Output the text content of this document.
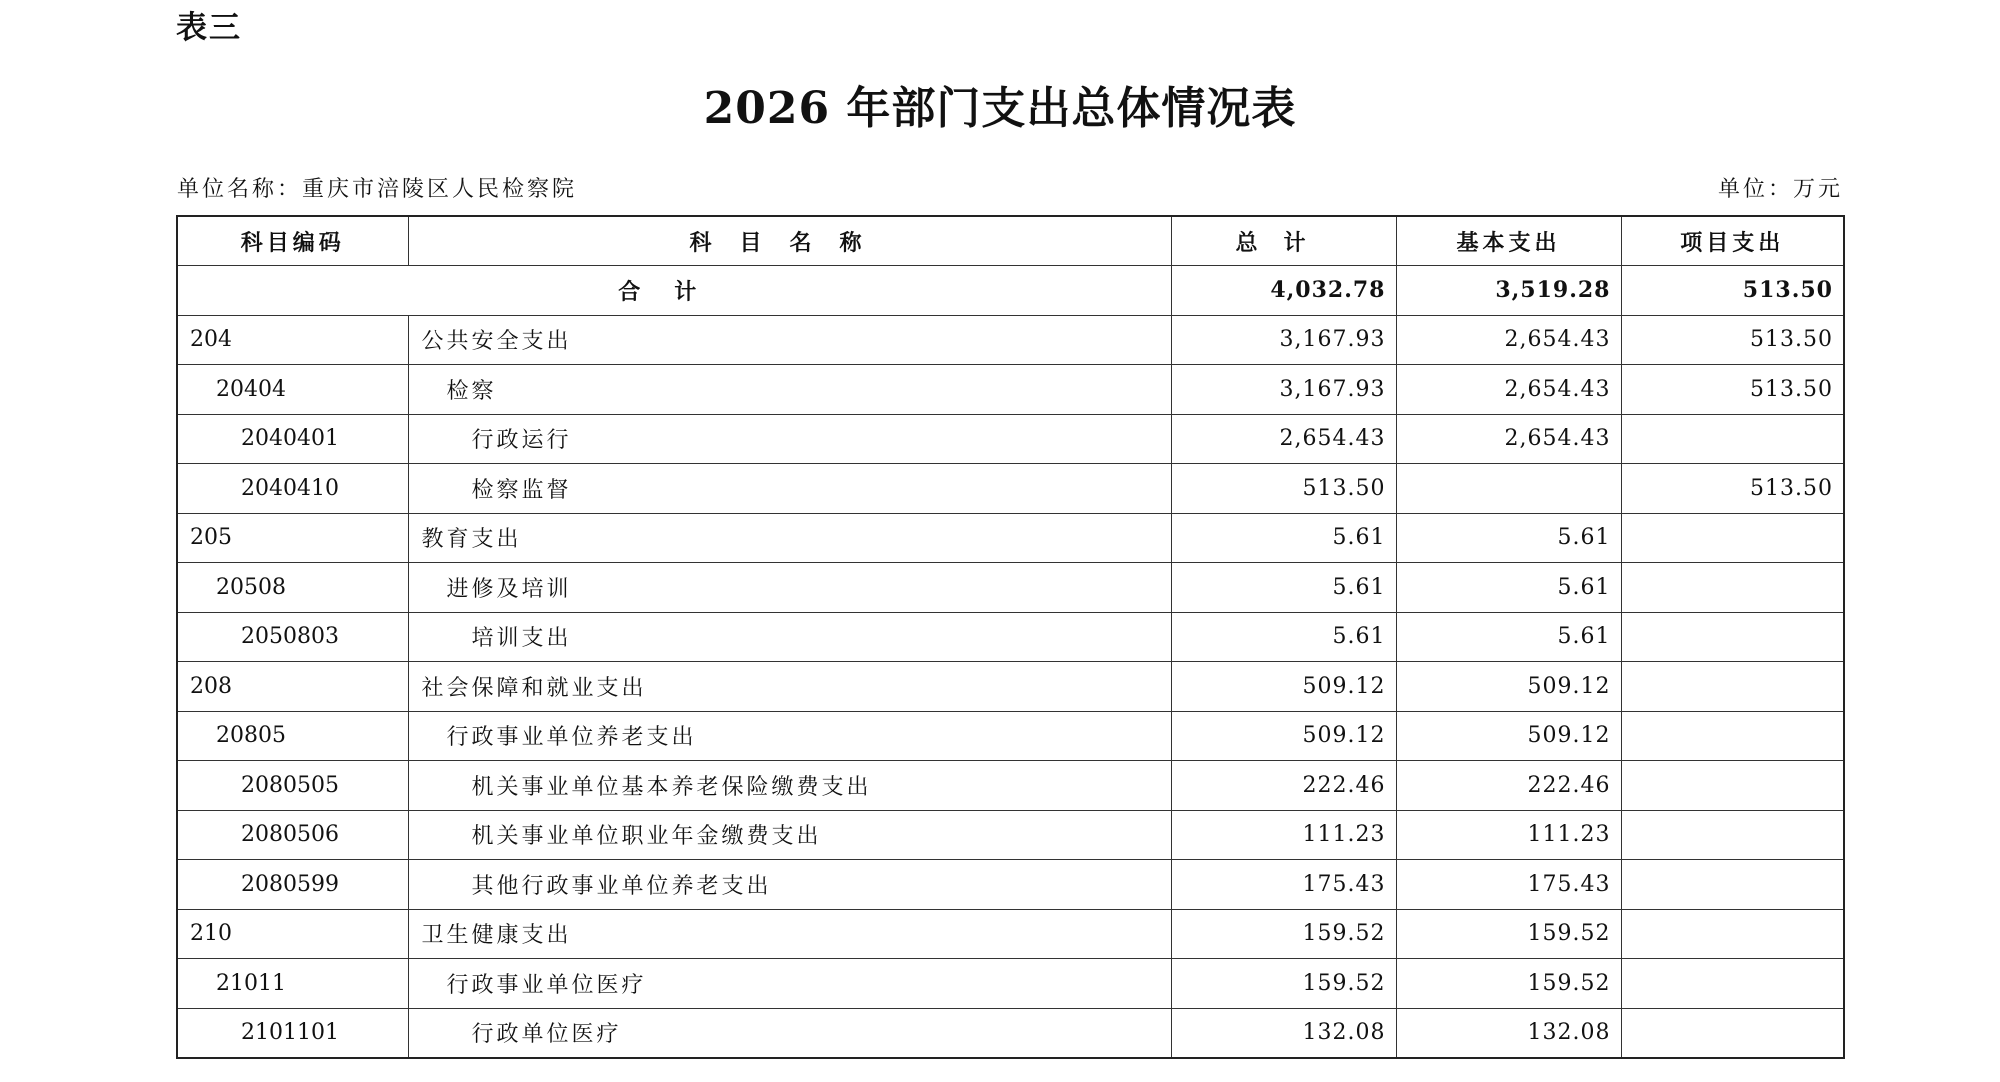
表三
2026 年部门支出总体情况表
单位名称：重庆市涪陵区人民检察院	单位：万元
科目编码	科目名称	总计	基本支出	项目支出
合计		4,032.78	3,519.28	513.50
204	公共安全支出	3,167.93	2,654.43	513.50
20404	检察	3,167.93	2,654.43	513.50
2040401	行政运行	2,654.43	2,654.43	
2040410	检察监督	513.50		513.50
205	教育支出	5.61	5.61	
20508	进修及培训	5.61	5.61	
2050803	培训支出	5.61	5.61	
208	社会保障和就业支出	509.12	509.12	
20805	行政事业单位养老支出	509.12	509.12	
2080505	机关事业单位基本养老保险缴费支出	222.46	222.46	
2080506	机关事业单位职业年金缴费支出	111.23	111.23	
2080599	其他行政事业单位养老支出	175.43	175.43	
210	卫生健康支出	159.52	159.52	
21011	行政事业单位医疗	159.52	159.52	
2101101	行政单位医疗	132.08	132.08	
